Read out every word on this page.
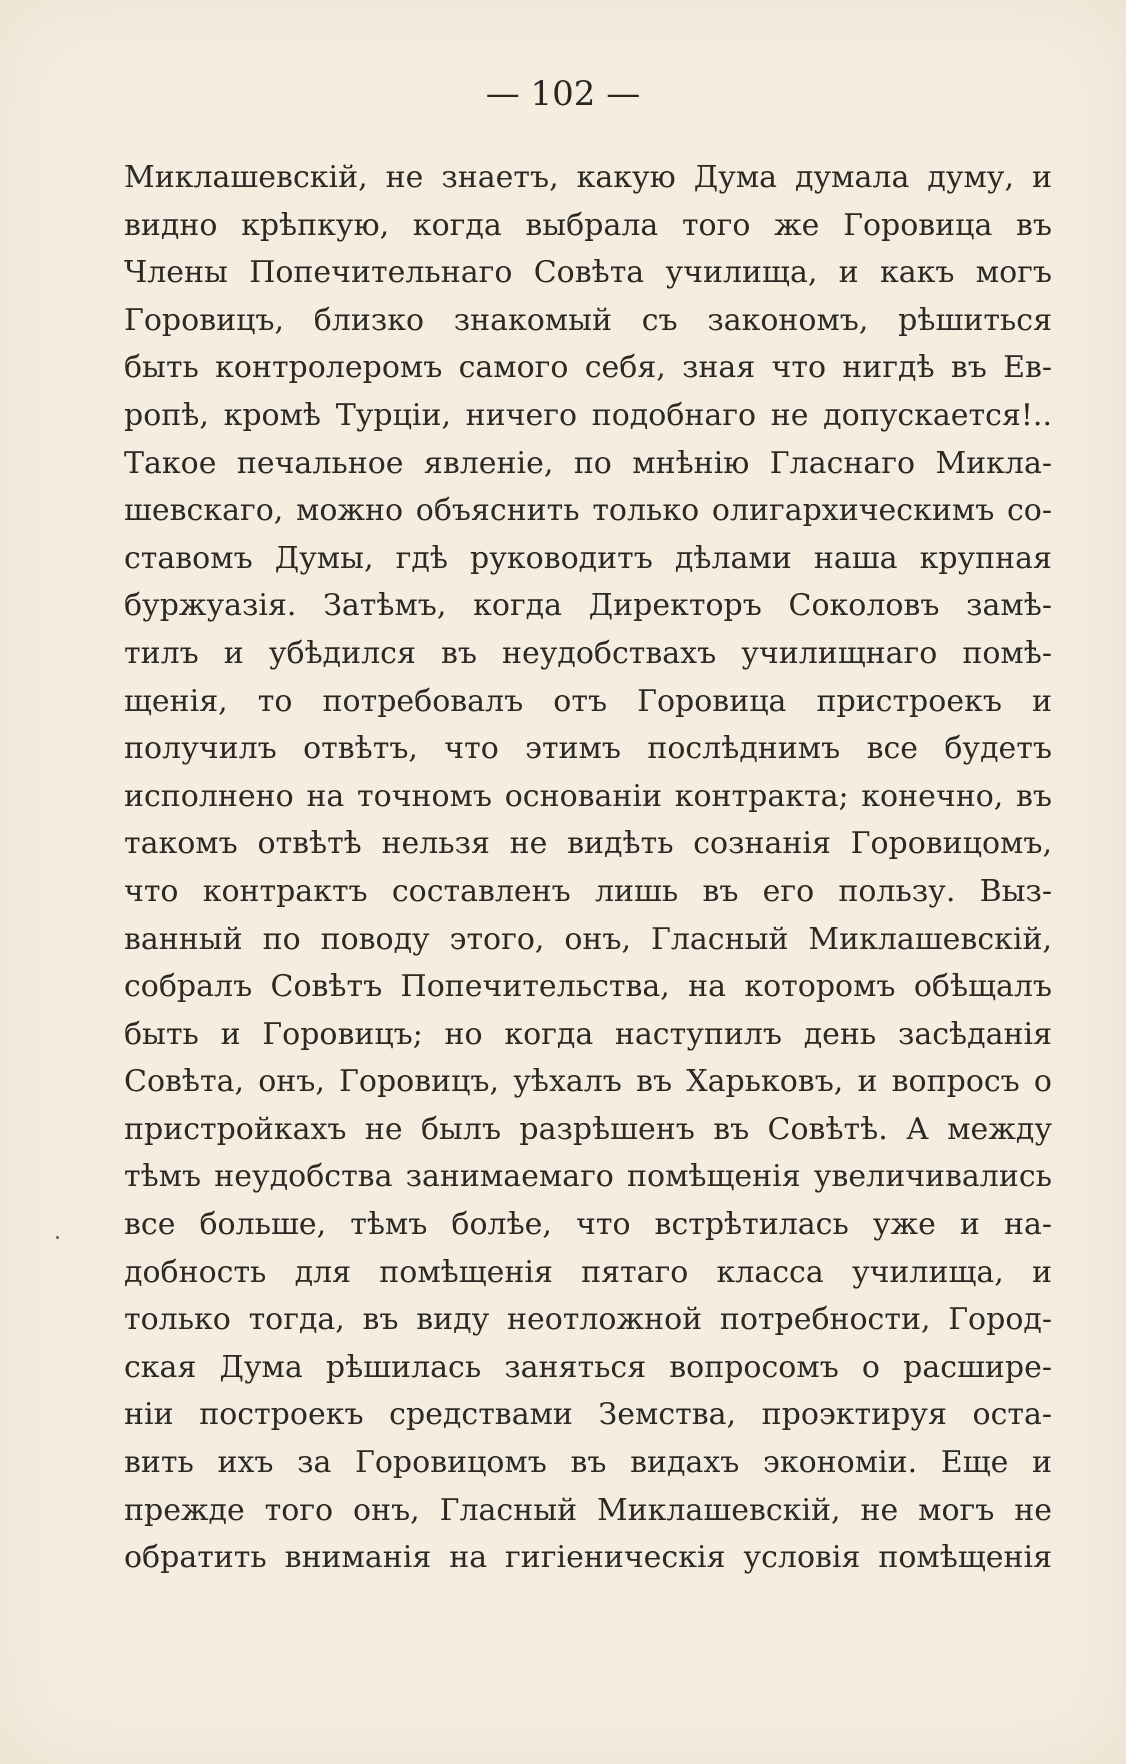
— 102 —
Миклашевскій, не знаетъ, какую Дума думала думу, и
видно крѣпкую, когда выбрала того же Горовица въ
Члены Попечительнаго Совѣта училища, и какъ могъ
Горовицъ, близко знакомый съ закономъ, рѣшиться
быть контролеромъ самого себя, зная что нигдѣ въ Ев-
ропѣ, кромѣ Турціи, ничего подобнаго не допускается!..
Такое печальное явленіе, по мнѣнію Гласнаго Микла-
шевскаго, можно объяснить только олигархическимъ со-
ставомъ Думы, гдѣ руководитъ дѣлами наша крупная
буржуазія. Затѣмъ, когда Директоръ Соколовъ замѣ-
тилъ и убѣдился въ неудобствахъ училищнаго помѣ-
щенія, то потребовалъ отъ Горовица пристроекъ и
получилъ отвѣтъ, что этимъ послѣднимъ все будетъ
исполнено на точномъ основаніи контракта; конечно, въ
такомъ отвѣтѣ нельзя не видѣть сознанія Горовицомъ,
что контрактъ составленъ лишь въ его пользу. Выз-
ванный по поводу этого, онъ, Гласный Миклашевскій,
собралъ Совѣтъ Попечительства, на которомъ обѣщалъ
быть и Горовицъ; но когда наступилъ день засѣданія
Совѣта, онъ, Горовицъ, уѣхалъ въ Харьковъ, и вопросъ о
пристройкахъ не былъ разрѣшенъ въ Совѣтѣ. А между
тѣмъ неудобства занимаемаго помѣщенія увеличивались
все больше, тѣмъ болѣе, что встрѣтилась уже и на-
добность для помѣщенія пятаго класса училища, и
только тогда, въ виду неотложной потребности, Город-
ская Дума рѣшилась заняться вопросомъ о расшире-
ніи построекъ средствами Земства, проэктируя оста-
вить ихъ за Горовицомъ въ видахъ экономіи. Еще и
прежде того онъ, Гласный Миклашевскій, не могъ не
обратить вниманія на гигіеническія условія помѣщенія
